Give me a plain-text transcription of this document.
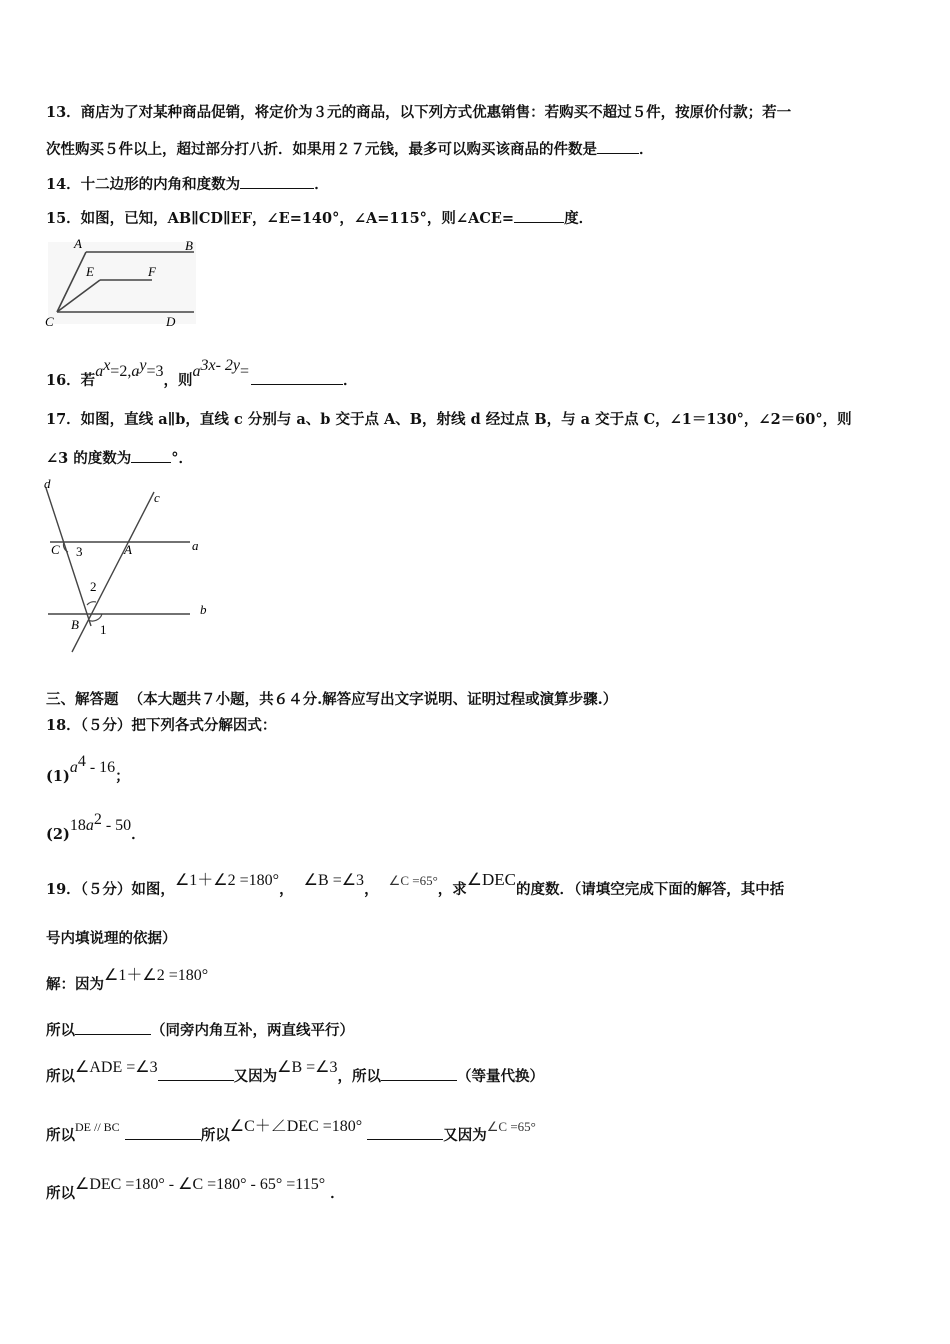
13．商店为了对某种商品促销，将定价为３元的商品，以下列方式优惠销售：若购买不超过５件，按原价付款；若一
次性购买５件以上，超过部分打八折．如果用２７元钱，最多可以购买该商品的件数是	．
14．十二边形的内角和度数为	．
15．如图，已知，AB∥CD∥EF，∠E=140°，∠A=115°，则∠ACE=	度．
A	B
E	F
C	D
16．若$a^x=2,a^y=3$，则$a^{3x- 2y}=$．
17．如图，直线 a∥b，直线 c 分别与 a、b 交于点 A、B，射线 d 经过点 B，与 a 交于点 C，∠1＝130°，∠2＝60°，则
∠3 的度数为	°．
d
c
C 3	A	a
2
b
B 1
三、解答题 （本大题共７小题，共６４分.解答应写出文字说明、证明过程或演算步骤.）
18．（５分）把下列各式分解因式：
$(1)a^4 - 16$；
$(2)18a^2 - 50$．
19．（５分）如图，∠1＋∠2 =180°，  ∠B =∠3，  ∠C =65°，求∠DEC的度数．（请填空完成下面的解答，其中括
号内填说理的依据）
解：因为∠1＋∠2 =180°
所以	（同旁内角互补，两直线平行）
所以∠ADE =∠3又因为∠B =∠3，所以	（等量代换）
所以$^{DE // BC}$	所以∠C＋∠DEC =180° 又因为∠C =65°
所以∠DEC =180° - ∠C =180° - 65° =115° ．
